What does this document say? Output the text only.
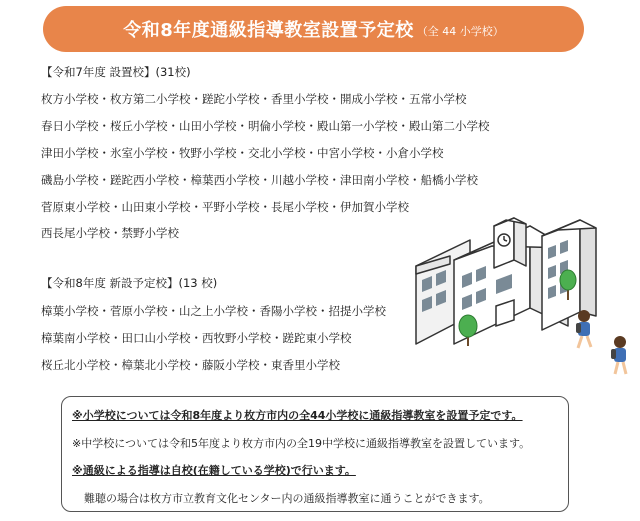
令和8年度通級指導教室設置予定校 （全 44 小学校）
【令和7年度 設置校】(31校)
枚方小学校・枚方第二小学校・蹉跎小学校・香里小学校・開成小学校・五常小学校
春日小学校・桜丘小学校・山田小学校・明倫小学校・殿山第一小学校・殿山第二小学校
津田小学校・氷室小学校・牧野小学校・交北小学校・中宮小学校・小倉小学校
磯島小学校・蹉跎西小学校・樟葉西小学校・川越小学校・津田南小学校・船橋小学校
菅原東小学校・山田東小学校・平野小学校・長尾小学校・伊加賀小学校
西長尾小学校・禁野小学校
【令和8年度 新設予定校】(13 校)
樟葉小学校・菅原小学校・山之上小学校・香陽小学校・招提小学校
樟葉南小学校・田口山小学校・西牧野小学校・蹉跎東小学校
桜丘北小学校・樟葉北小学校・藤阪小学校・東香里小学校
※小学校については令和8年度より枚方市内の全44小学校に通級指導教室を設置予定です。
※中学校については令和5年度より枚方市内の全19中学校に通級指導教室を設置しています。
※通級による指導は自校(在籍している学校)で行います。
難聴の場合は枚方市立教育文化センター内の通級指導教室に通うことができます。
